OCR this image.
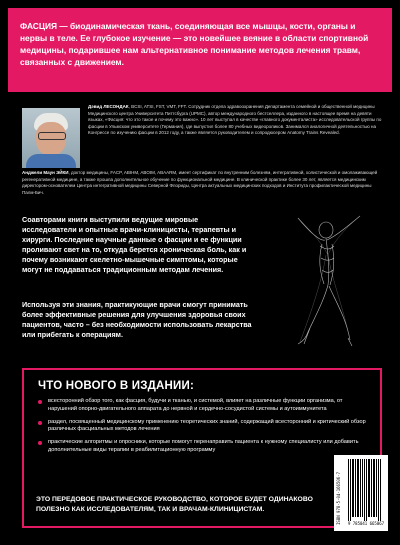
ФАСЦИЯ — биодинамическая ткань, соединяющая все мышцы, кости, органы и нервы в теле. Ее глубокое изучение — это новейшее веяние в области спортивной медицины, подарившее нам альтернативное понимание методов лечения травм, связанных с движением.

Дэвид ЛЕСОНДАК, BCSI, ATSI, FST, VMT, FFT. Сотрудник отдела здравоохранения Департамента семейной и общественной медицины Медицинского центра Университета Питтсбурга (UPMC), автор международного бестселлера, изданного в настоящее время на девяти языках, «Фасция: что это такое и почему это важно». 10 лет выступал в качестве «главного документалиста» исследовательской группы по фасции в Ульмском университете (Германия), где выпустил более 80 учебных видеороликов. Занимался аналогичной деятельностью на Конгрессе по изучению фасции в 2012 году, а также является руководителем и сопродюсером Anatomy Trains Revealed.

Анджели Маун ЭЙКИ, доктор медицины, FACP, ABIHM, ABOIM, ABAARM, имеет сертификат по внутренним болезням, интегративной, холистической и омолаживающей регенеративной медицине, а также прошла дополнительное обучение по функциональной медицине. В клинической практике более 30 лет, является медицинским директором-основателем Центра интегративной медицины Северной Флориды, Центра актуальных медицинских подходов и Института профилактической медицины Палм-Бич.

Соавторами книги выступили ведущие мировые исследователи и опытные врачи-клиницисты, терапевты и хирурги. Последние научные данные о фасции и ее функции проливают свет на то, откуда берется хроническая боль, как и почему возникают скелетно-мышечные симптомы, которые могут не поддаваться традиционным методам лечения.

Используя эти знания, практикующие врачи смогут принимать более эффективные решения для улучшения здоровья своих пациентов, часто – без необходимости использовать лекарства или прибегать к операциям.

ЧТО НОВОГО В ИЗДАНИИ:
всесторонний обзор того, как фасция, будучи и тканью, и системой, влияет на различные функции организма, от нарушений опорно-двигательного аппарата до нервной и сердечно-сосудистой системы и аутоиммунитета
раздел, посвященный медицинскому применению теоретических знаний, содержащий всесторонний и критический обзор различных фасциальных методов лечения
практические алгоритмы и опросники, которые помогут перенаправить пациента к нужному специалисту или добавить дополнительные виды терапии в реабилитационную программу

ЭТО ПЕРЕДОВОЕ ПРАКТИЧЕСКОЕ РУКОВОДСТВО, КОТОРОЕ БУДЕТ ОДИНАКОВО ПОЛЕЗНО КАК ИССЛЕДОВАТЕЛЯМ, ТАК И ВРАЧАМ-КЛИНИЦИСТАМ.	ISBN 978-5-04-166506-7	9 785041 665067
